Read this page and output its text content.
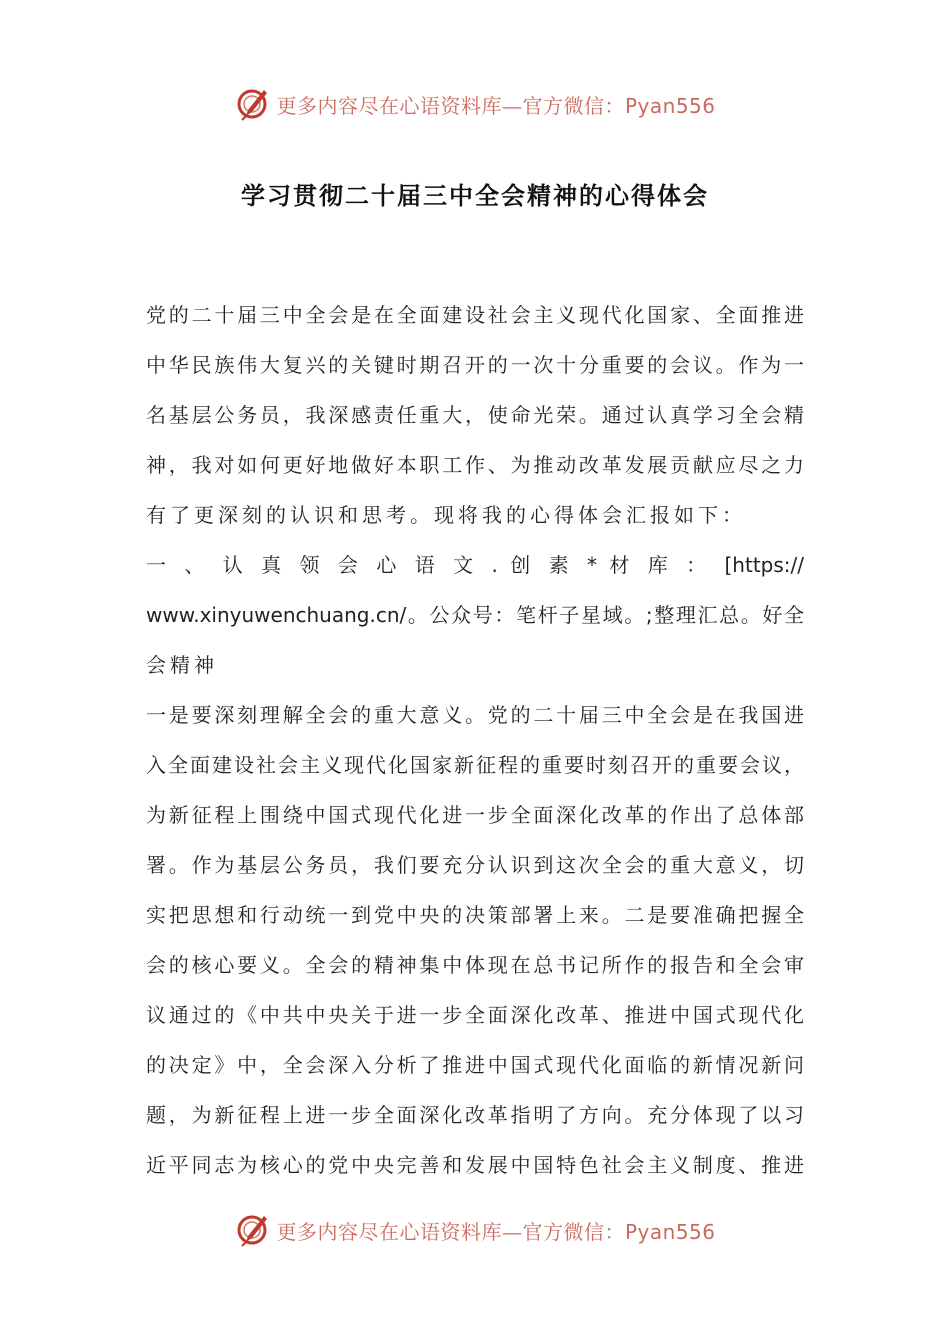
更多内容尽在心语资料库—官方微信：Pyan556
学习贯彻二十届三中全会精神的心得体会
党的二十届三中全会是在全面建设社会主义现代化国家、全面推进
中华民族伟大复兴的关键时期召开的一次十分重要的会议。作为一
名基层公务员，我深感责任重大，使命光荣。通过认真学习全会精
神，我对如何更好地做好本职工作、为推动改革发展贡献应尽之力
有了更深刻的认识和思考。现将我的心得体会汇报如下：
一 、 认 真 领 会 心 语 文 . 创 素 * 材 库 ： [https://
www.xinyuwenchuang.cn/。公众号：笔杆子星域。;整理汇总。好全
会精神
一是要深刻理解全会的重大意义。党的二十届三中全会是在我国进
入全面建设社会主义现代化国家新征程的重要时刻召开的重要会议，
为新征程上围绕中国式现代化进一步全面深化改革的作出了总体部
署。作为基层公务员，我们要充分认识到这次全会的重大意义，切
实把思想和行动统一到党中央的决策部署上来。二是要准确把握全
会的核心要义。全会的精神集中体现在总书记所作的报告和全会审
议通过的《中共中央关于进一步全面深化改革、推进中国式现代化
的决定》中，全会深入分析了推进中国式现代化面临的新情况新问
题，为新征程上进一步全面深化改革指明了方向。充分体现了以习
近平同志为核心的党中央完善和发展中国特色社会主义制度、推进
更多内容尽在心语资料库—官方微信：Pyan556
